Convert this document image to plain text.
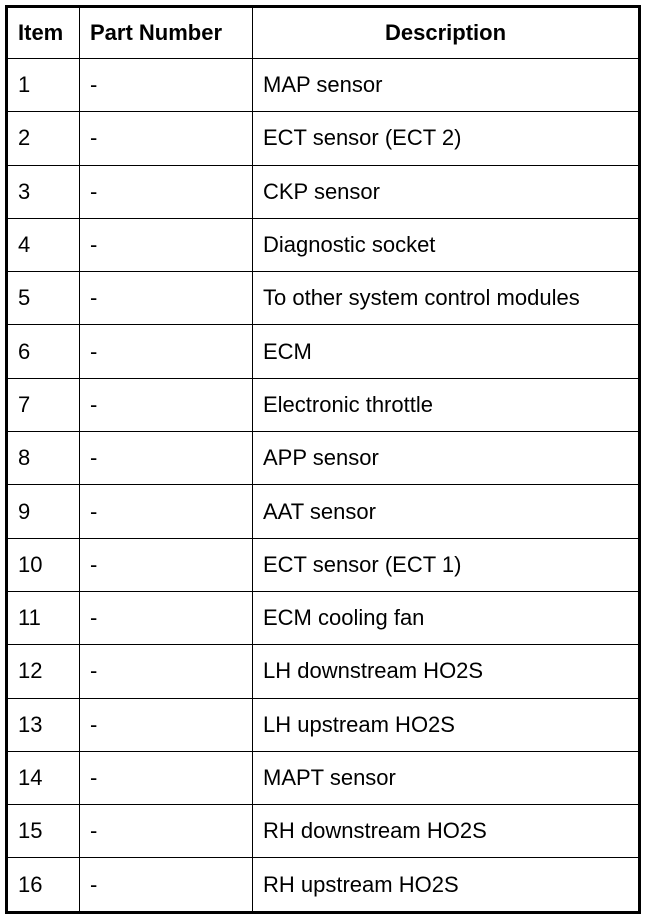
Item	Part Number	Description
1	-	MAP sensor
2	-	ECT sensor (ECT 2)
3	-	CKP sensor
4	-	Diagnostic socket
5	-	To other system control modules
6	-	ECM
7	-	Electronic throttle
8	-	APP sensor
9	-	AAT sensor
10	-	ECT sensor (ECT 1)
11	-	ECM cooling fan
12	-	LH downstream HO2S
13	-	LH upstream HO2S
14	-	MAPT sensor
15	-	RH downstream HO2S
16	-	RH upstream HO2S
